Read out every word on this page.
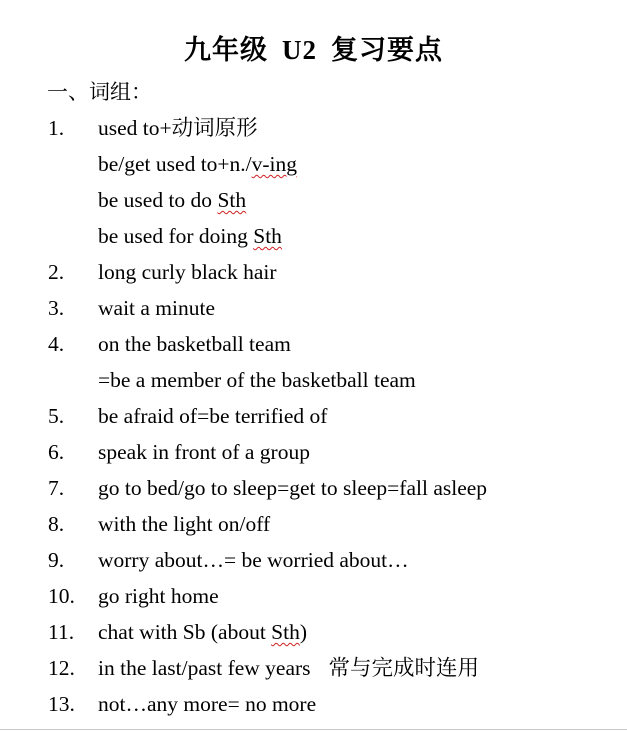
九年级 U2 复习要点
一、词组：
1. used to+动词原形
be/get used to+n./v-ing
be used to do Sth
be used for doing Sth
2. long curly black hair
3. wait a minute
4. on the basketball team
=be a member of the basketball team
5. be afraid of=be terrified of
6. speak in front of a group
7. go to bed/go to sleep=get to sleep=fall asleep
8. with the light on/off
9. worry about…= be worried about…
10. go right home
11. chat with Sb (about Sth)
12. in the last/past few years 常与完成时连用
13. not…any more= no more
